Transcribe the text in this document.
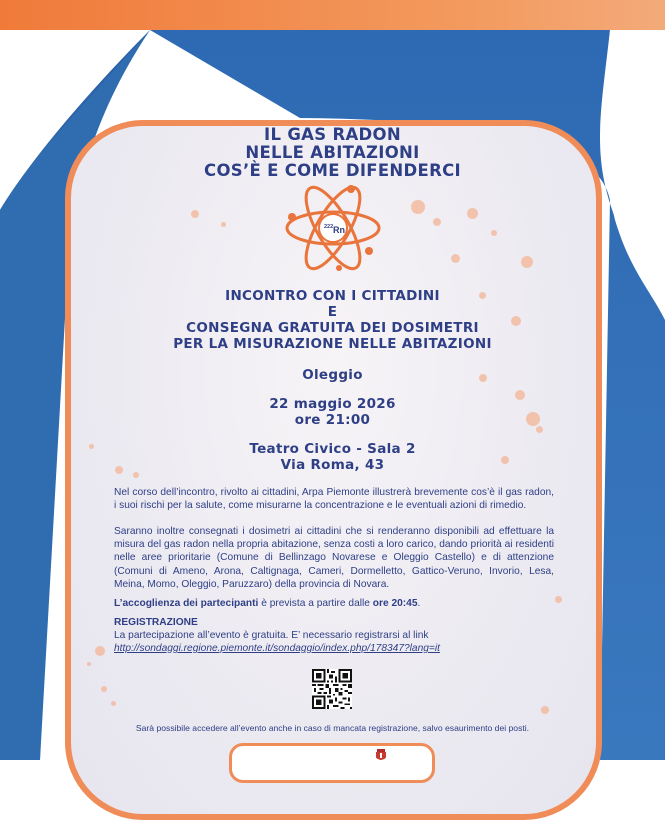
IL GAS RADON
NELLE ABITAZIONI
COS’È E COME DIFENDERCI
222 Rn
INCONTRO CON I CITTADINI
E
CONSEGNA GRATUITA DEI DOSIMETRI
PER LA MISURAZIONE NELLE ABITAZIONI
Oleggio
22 maggio 2026
ore 21:00
Teatro Civico - Sala 2
Via Roma, 43
Nel corso dell’incontro, rivolto ai cittadini, Arpa Piemonte illustrerà brevemente cos’è il gas radon, i suoi rischi per la salute, come misurarne la concentrazione e le eventuali azioni di rimedio.
Saranno inoltre consegnati i dosimetri ai cittadini che si renderanno disponibili ad effettuare la misura del gas radon nella propria abitazione, senza costi a loro carico, dando priorità ai residenti nelle aree prioritarie (Comune di Bellinzago Novarese e Oleggio Castello) e di attenzione (Comuni di Ameno, Arona, Caltignaga, Cameri, Dormelletto, Gattico-Veruno, Invorio, Lesa, Meina, Momo, Oleggio, Paruzzaro) della provincia di Novara.
L’accoglienza dei partecipanti è prevista a partire dalle ore 20:45.
REGISTRAZIONE
La partecipazione all’evento è gratuita. E’ necessario registrarsi al link
http://sondaggi.regione.piemonte.it/sondaggio/index.php/178347?lang=it
Sarà possibile accedere all’evento anche in caso di mancata registrazione, salvo esaurimento dei posti.
